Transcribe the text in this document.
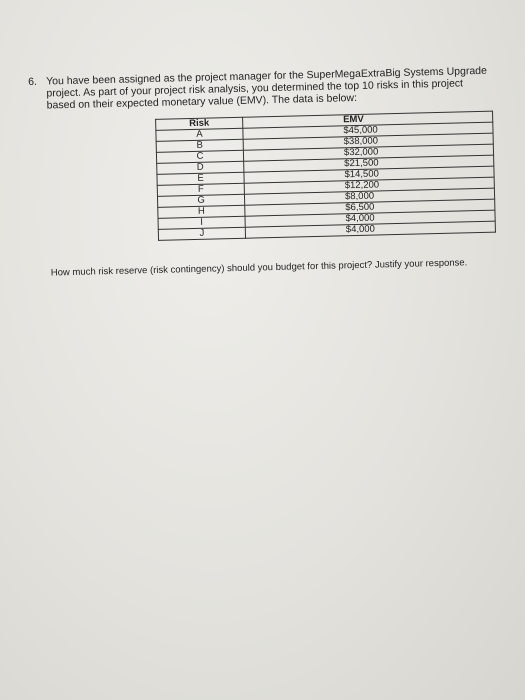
6. You have been assigned as the project manager for the SuperMegaExtraBig Systems Upgrade project. As part of your project risk analysis, you determined the top 10 risks in this project based on their expected monetary value (EMV). The data is below:
Risk	EMV
A	$45,000
B	$38,000
C	$32,000
D	$21,500
E	$14,500
F	$12,200
G	$8,000
H	$6,500
I	$4,000
J	$4,000
How much risk reserve (risk contingency) should you budget for this project? Justify your response.
